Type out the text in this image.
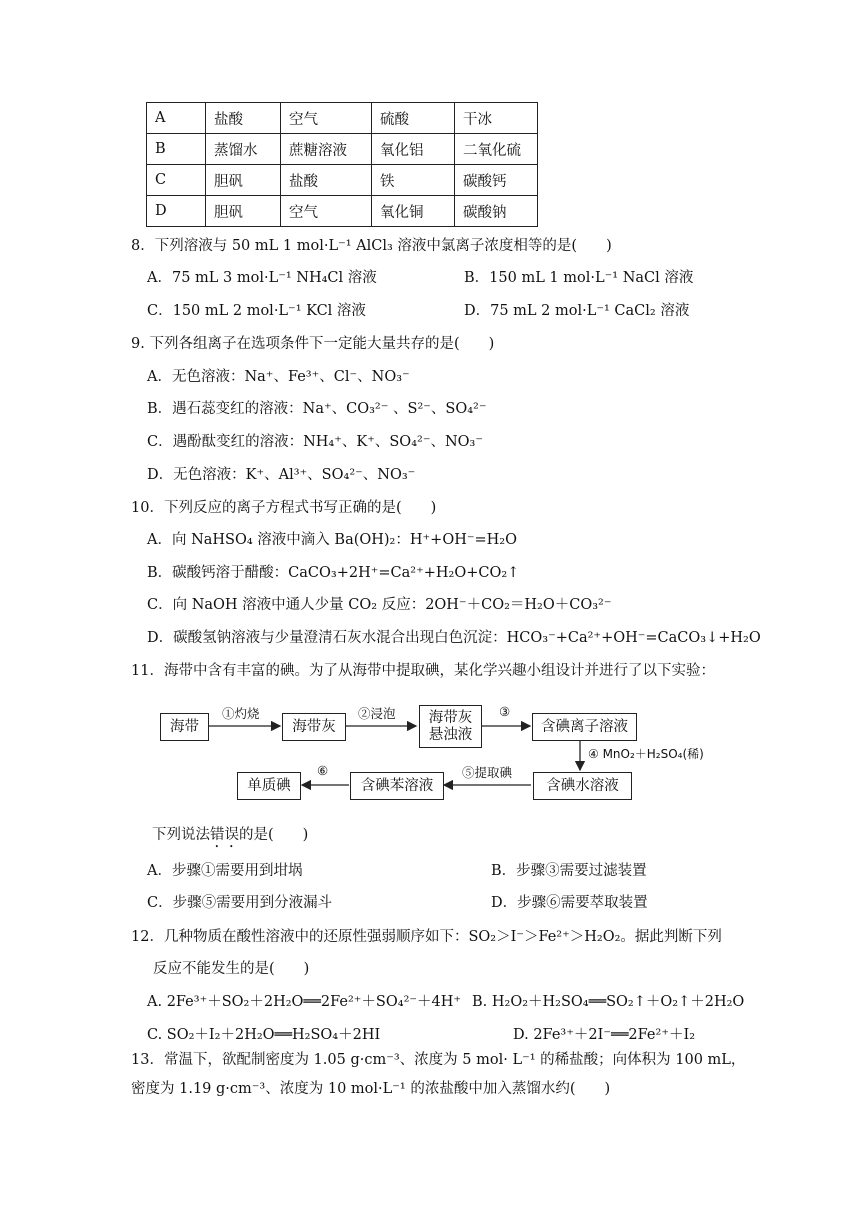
A	盐酸	空气	硫酸	干冰
B	蒸馏水	蔗糖溶液	氧化铝	二氧化硫
C	胆矾	盐酸	铁	碳酸钙
D	胆矾	空气	氧化铜	碳酸钠
8．下列溶液与 50 mL 1 mol·L⁻¹ AlCl₃ 溶液中氯离子浓度相等的是(　　)
A．75 mL 3 mol·L⁻¹ NH₄Cl 溶液	B．150 mL 1 mol·L⁻¹ NaCl 溶液
C．150 mL 2 mol·L⁻¹ KCl 溶液	D．75 mL 2 mol·L⁻¹ CaCl₂ 溶液
9. 下列各组离子在选项条件下一定能大量共存的是(　　)
A．无色溶液：Na⁺、Fe³⁺、Cl⁻、NO₃⁻
B．遇石蕊变红的溶液：Na⁺、CO₃²⁻ 、S²⁻、SO₄²⁻
C．遇酚酞变红的溶液：NH₄⁺、K⁺、SO₄²⁻、NO₃⁻
D．无色溶液：K⁺、Al³⁺、SO₄²⁻、NO₃⁻
10．下列反应的离子方程式书写正确的是(　　)
A．向 NaHSO₄ 溶液中滴入 Ba(OH)₂：H⁺+OH⁻=H₂O
B．碳酸钙溶于醋酸：CaCO₃+2H⁺=Ca²⁺+H₂O+CO₂↑
C．向 NaOH 溶液中通人少量 CO₂ 反应：2OH⁻＋CO₂＝H₂O＋CO₃²⁻
D．碳酸氢钠溶液与少量澄清石灰水混合出现白色沉淀：HCO₃⁻+Ca²⁺+OH⁻=CaCO₃↓+H₂O
11．海带中含有丰富的碘。为了从海带中提取碘，某化学兴趣小组设计并进行了以下实验：
海带	海带灰
海带灰
悬浊液	含碘离子溶液
含碘水溶液
含碘苯溶液
单质碘
①灼烧	②浸泡	③
④ MnO₂＋H₂SO₄(稀)
⑤提取碘
⑥
下列说法错误的是(　　)
A．步骤①需要用到坩埚	B．步骤③需要过滤装置
C．步骤⑤需要用到分液漏斗	D．步骤⑥需要萃取装置
12．几种物质在酸性溶液中的还原性强弱顺序如下：SO₂＞I⁻＞Fe²⁺＞H₂O₂。据此判断下列
反应不能发生的是(　　)
A. 2Fe³⁺＋SO₂＋2H₂O══2Fe²⁺＋SO₄²⁻＋4H⁺ B. H₂O₂＋H₂SO₄══SO₂↑＋O₂↑＋2H₂O
C. SO₂＋I₂＋2H₂O══H₂SO₄＋2HI	D. 2Fe³⁺＋2I⁻══2Fe²⁺＋I₂
13．常温下，欲配制密度为 1.05 g·cm⁻³、浓度为 5 mol· L⁻¹ 的稀盐酸；向体积为 100 mL，
密度为 1.19 g·cm⁻³、浓度为 10 mol·L⁻¹ 的浓盐酸中加入蒸馏水约(　　)
